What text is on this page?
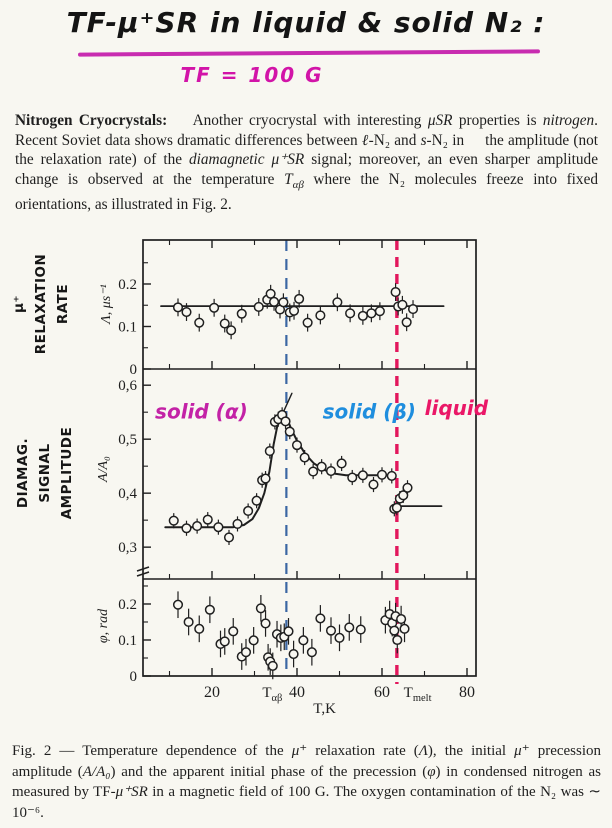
TF-μ⁺SR in liquid & solid N₂ :
TF = 100 G
Nitrogen Cryocrystals:    Another cryocrystal with interesting μSR properties is nitrogen. Recent Soviet data shows dramatic differences between ℓ-N₂ and s-N₂ in     the amplitude (not the relaxation rate) of the diamagnetic μ⁺SR signal; moreover, an even sharper amplitude change is observed at the temperature $T_{\alpha\beta}$ where the N₂ molecules freeze into fixed orientations, as illustrated in Fig. 2.
20	40	60	80
$T_{\alpha\beta}$	$T_{melt}$
T,K
0
0.1
0.2
μ⁺ RELAXATION RATE Λ, μs⁻¹
0,3
0,4
0,5
0,6
solid (α)	solid (β) liquid
DIAMAG. SIGNAL AMPLITUDE A/A₀
0
0.1
0.2
φ, rad
Fig. 2 — Temperature dependence of the μ⁺ relaxation rate (Λ), the initial μ⁺ precession amplitude (A/A₀) and the apparent initial phase of the precession (φ) in condensed nitrogen as measured by TF-μ⁺SR in a magnetic field of 100 G. The oxygen contamination of the N₂ was ∼ 10⁻⁶.
